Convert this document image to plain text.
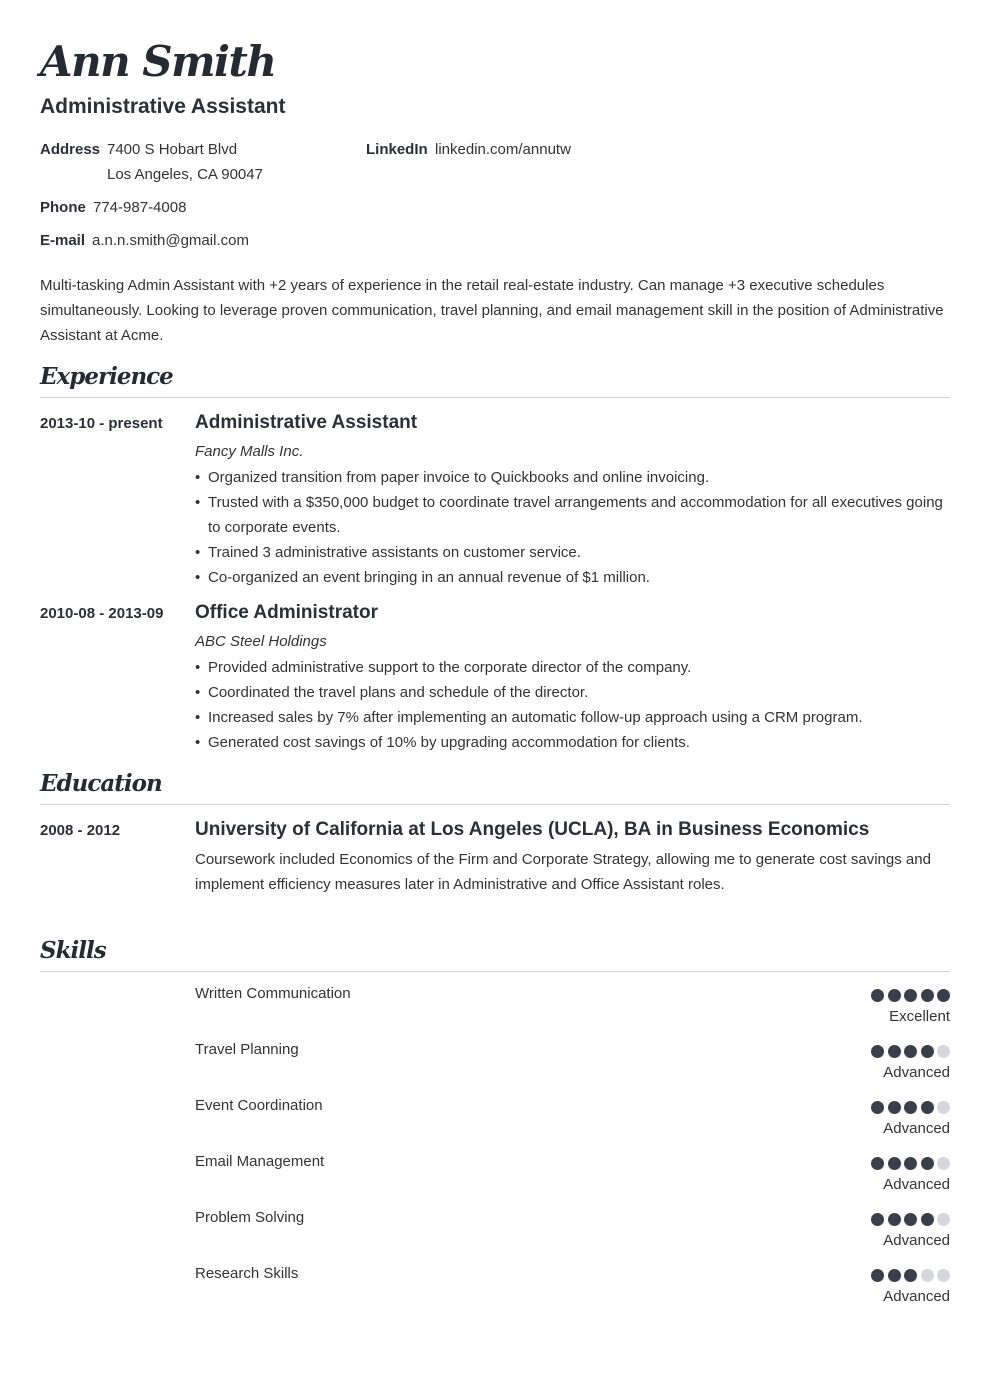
Ann Smith
Administrative Assistant
Address 7400 S Hobart Blvd
Los Angeles, CA 90047
LinkedIn linkedin.com/annutw
Phone 774-987-4008
E-mail a.n.n.smith@gmail.com

Multi-tasking Admin Assistant with +2 years of experience in the retail real-estate industry. Can manage +3 executive schedules simultaneously. Looking to leverage proven communication, travel planning, and email management skill in the position of Administrative Assistant at Acme.

Experience
2013-10 - present Administrative Assistant
Fancy Malls Inc.
• Organized transition from paper invoice to Quickbooks and online invoicing.
• Trusted with a $350,000 budget to coordinate travel arrangements and accommodation for all executives going to corporate events.
• Trained 3 administrative assistants on customer service.
• Co-organized an event bringing in an annual revenue of $1 million.
2010-08 - 2013-09 Office Administrator
ABC Steel Holdings
• Provided administrative support to the corporate director of the company.
• Coordinated the travel plans and schedule of the director.
• Increased sales by 7% after implementing an automatic follow-up approach using a CRM program.
• Generated cost savings of 10% by upgrading accommodation for clients.
Education
2008 - 2012	University of California at Los Angeles (UCLA), BA in Business Economics

Coursework included Economics of the Firm and Corporate Strategy, allowing me to generate cost savings and implement efficiency measures later in Administrative and Office Assistant roles.

Skills
Written Communication
Excellent
Travel Planning
Advanced
Event Coordination
Advanced
Email Management
Advanced
Problem Solving
Advanced
Research Skills
Advanced
